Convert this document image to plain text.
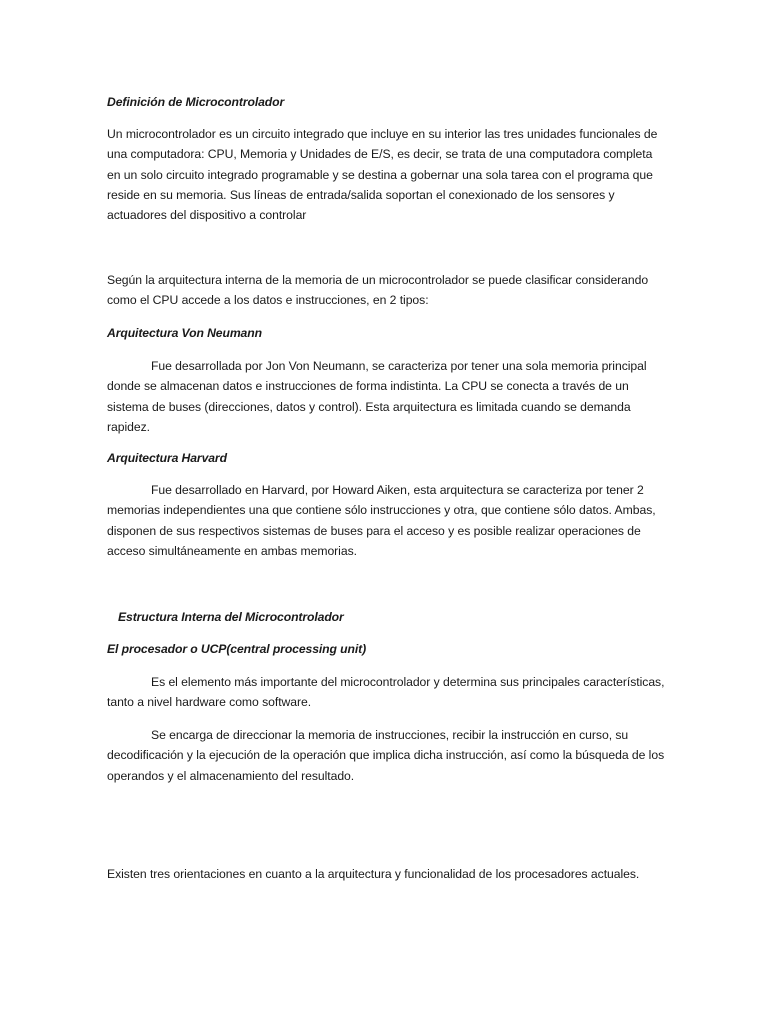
Definición de Microcontrolador

Un microcontrolador es un circuito integrado que incluye en su interior las tres unidades funcionales de una computadora: CPU, Memoria y Unidades de E/S, es decir, se trata de una computadora completa en un solo circuito integrado programable y se destina a gobernar una sola tarea con el programa que reside en su memoria. Sus líneas de entrada/salida soportan el conexionado de los sensores y actuadores del dispositivo a controlar

Según la arquitectura interna de la memoria de un microcontrolador se puede clasificar considerando como el CPU accede a los datos e instrucciones, en 2 tipos:

Arquitectura Von Neumann

Fue desarrollada por Jon Von Neumann, se caracteriza por tener una sola memoria principal donde se almacenan datos e instrucciones de forma indistinta. La CPU se conecta a través de un sistema de buses (direcciones, datos y control). Esta arquitectura es limitada cuando se demanda rapidez.

Arquitectura Harvard

Fue desarrollado en Harvard, por Howard Aiken, esta arquitectura se caracteriza por tener 2 memorias independientes una que contiene sólo instrucciones y otra, que contiene sólo datos. Ambas, disponen de sus respectivos sistemas de buses para el acceso y es posible realizar operaciones de acceso simultáneamente en ambas memorias.

Estructura Interna del Microcontrolador

El procesador o UCP(central processing unit)

Es el elemento más importante del microcontrolador y determina sus principales características, tanto a nivel hardware como software.

Se encarga de direccionar la memoria de instrucciones, recibir la instrucción en curso, su decodificación y la ejecución de la operación que implica dicha instrucción, así como la búsqueda de los operandos y el almacenamiento del resultado.

Existen tres orientaciones en cuanto a la arquitectura y funcionalidad de los procesadores actuales.
